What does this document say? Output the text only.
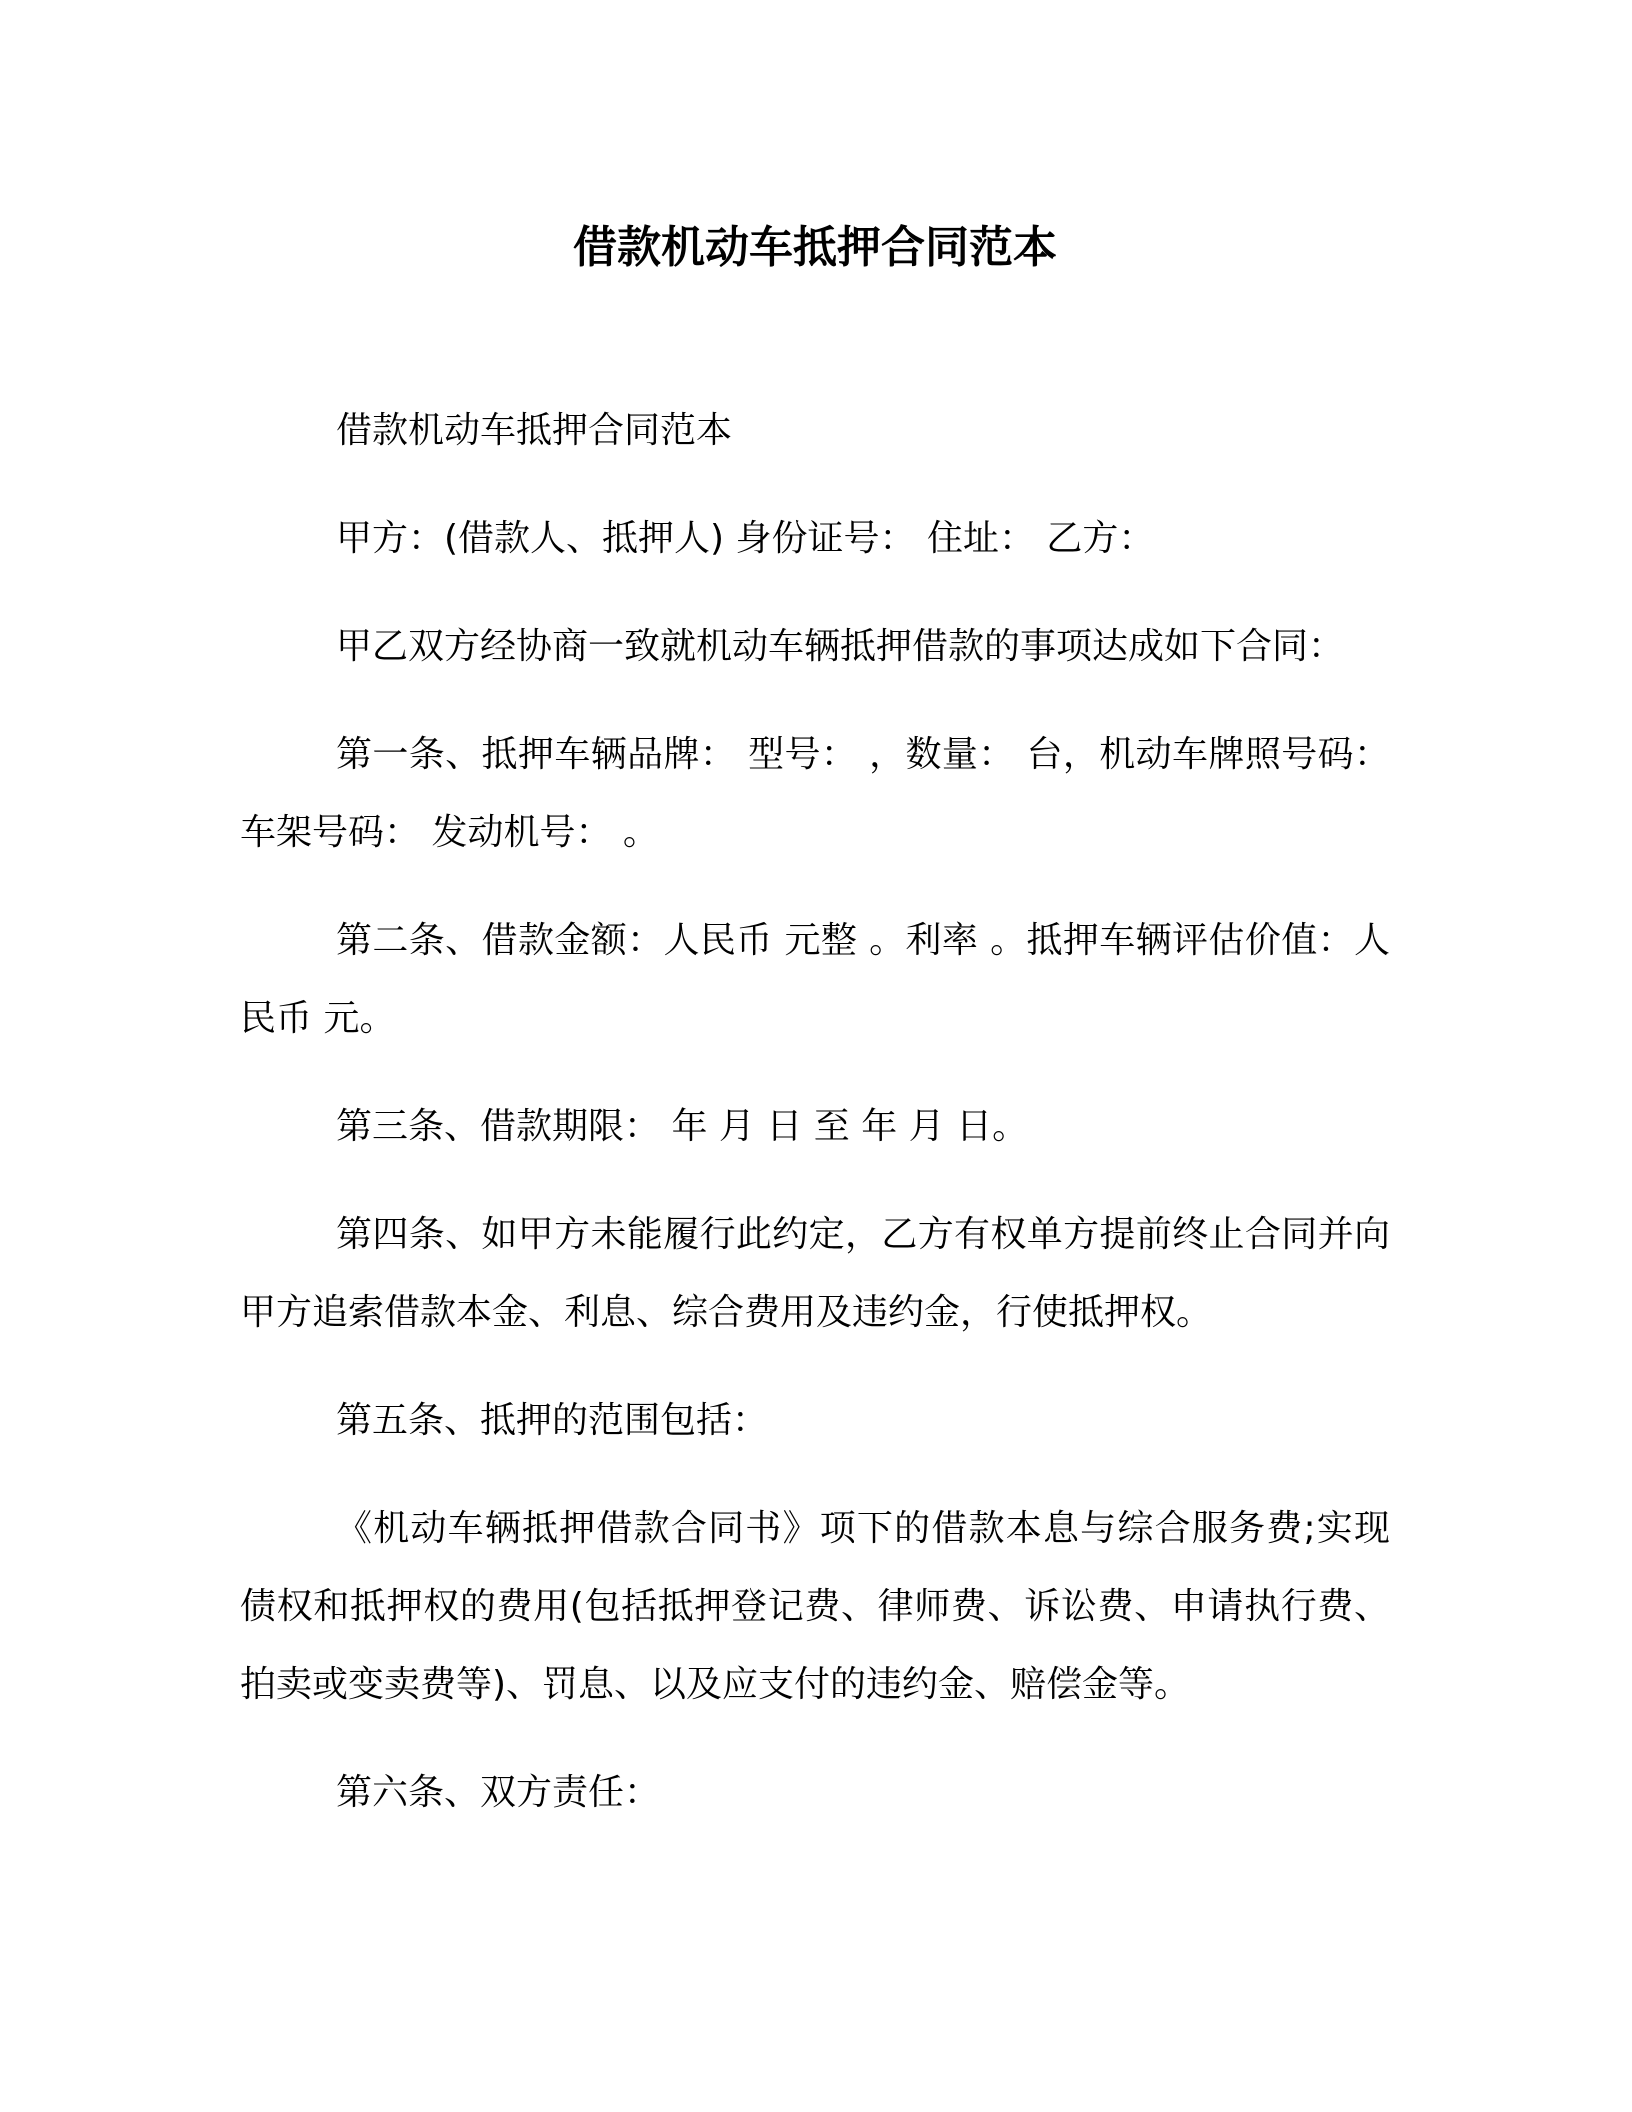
借款机动车抵押合同范本

借款机动车抵押合同范本

甲方：(借款人、抵押人) 身份证号： 住址： 乙方：

甲乙双方经协商一致就机动车辆抵押借款的事项达成如下合同：

第一条、抵押车辆品牌： 型号： ，数量： 台，机动车牌照号码：车架号码： 发动机号： 。

第二条、借款金额：人民币 元整 。利率 。抵押车辆评估价值：人民币 元。

第三条、借款期限： 年 月 日 至 年 月 日。

第四条、如甲方未能履行此约定，乙方有权单方提前终止合同并向甲方追索借款本金、利息、综合费用及违约金，行使抵押权。

第五条、抵押的范围包括：

《机动车辆抵押借款合同书》项下的借款本息与综合服务费;实现债权和抵押权的费用(包括抵押登记费、律师费、诉讼费、申请执行费、拍卖或变卖费等)、罚息、以及应支付的违约金、赔偿金等。

第六条、双方责任：
